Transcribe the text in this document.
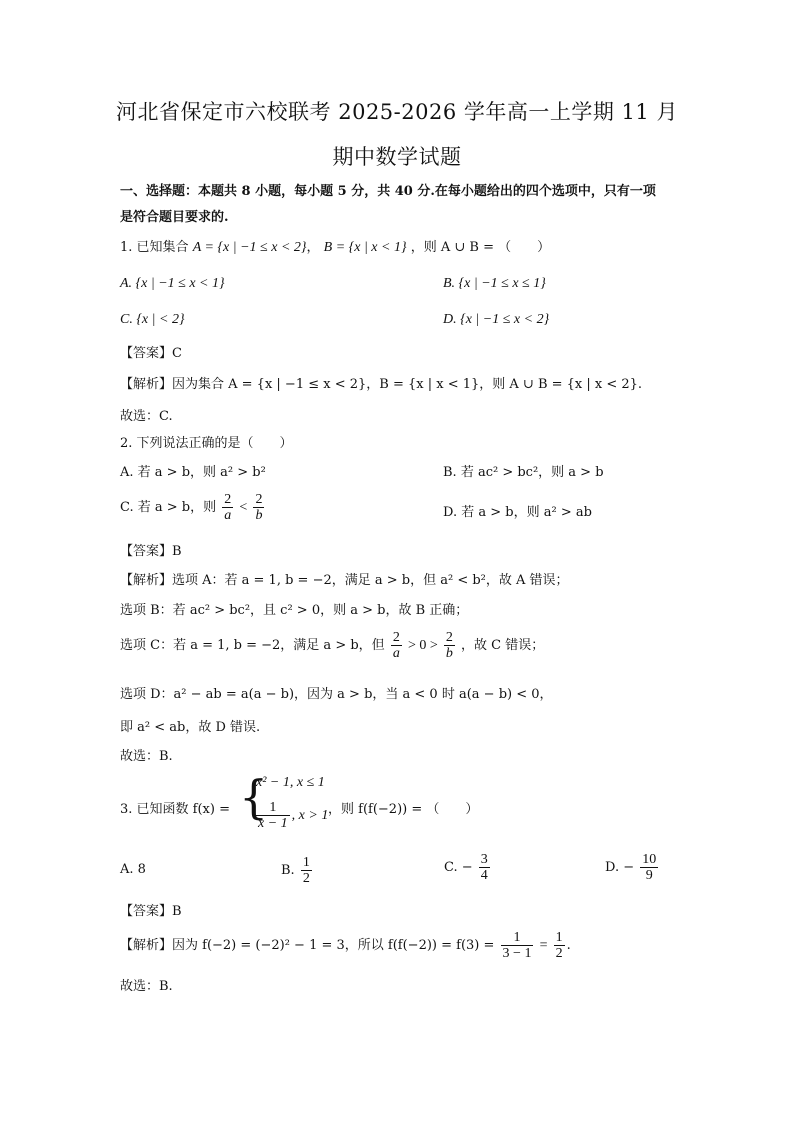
河北省保定市六校联考 2025-2026 学年高一上学期 11 月
期中数学试题
一、选择题：本题共 8 小题，每小题 5 分，共 40 分.在每小题给出的四个选项中，只有一项
是符合题目要求的.
1. 已知集合 A = {x | −1 ≤ x < 2}， B = {x | x < 1} ，则 A ∪ B = （　　）
A. {x | −1 ≤ x < 1}	B. {x | −1 ≤ x ≤ 1}
C. {x | < 2}	D. {x | −1 ≤ x < 2}
【答案】C
【解析】因为集合 A = {x | −1 ≤ x < 2}，B = {x | x < 1}，则 A ∪ B = {x | x < 2}.
故选：C.
2. 下列说法正确的是（　　）
A. 若 a > b，则 a² > b²	B. 若 ac² > bc²，则 a > b
C. 若 a > b，则 $\frac{2}{a} < \frac{2}{b}$	D. 若 a > b，则 a² > ab
【答案】B
【解析】选项 A：若 a = 1, b = −2，满足 a > b，但 a² < b²，故 A 错误；
选项 B：若 ac² > bc²，且 c² > 0，则 a > b，故 B 正确；
选项 C：若 a = 1, b = −2，满足 a > b，但 $\frac{2}{a} > 0 > \frac{2}{b}$ ，故 C 错误；
选项 D：a² − ab = a(a − b)，因为 a > b，当 a < 0 时 a(a − b) < 0，
即 a² < ab，故 D 错误.
故选：B.
3. 已知函数 f(x) = {
x² − 1, x ≤ 1
$\frac{1}{x - 1}$ , x > 1 ，则 f(f(−2)) = （　　）
A. 8	B. $\frac{1}{2}$	C. − $\frac{3}{4}$	D. − $\frac{10}{9}$
【答案】B
【解析】因为 f(−2) = (−2)² − 1 = 3，所以 $f(f(-2)) = f(3) = \frac{1}{3 - 1} = \frac{1}{2}$ .
故选：B.
